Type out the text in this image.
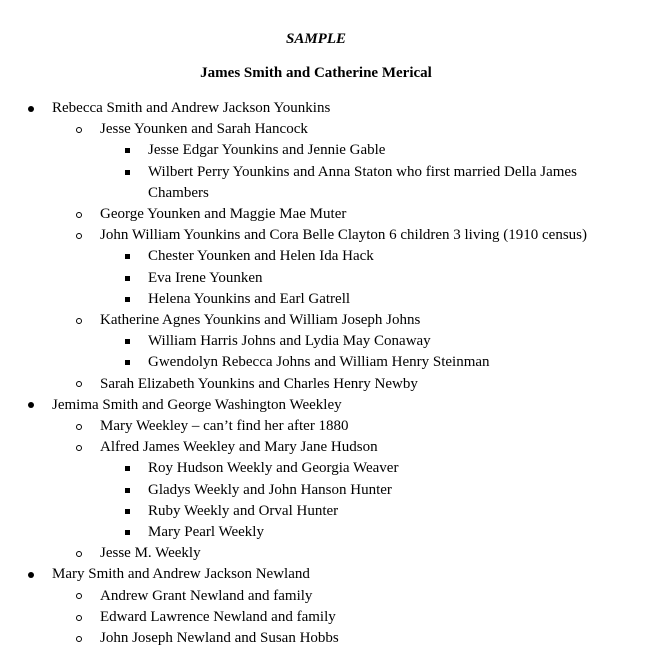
SAMPLE
James Smith and Catherine Merical
Rebecca Smith and Andrew Jackson Younkins
Jesse Younken and Sarah Hancock
Jesse Edgar Younkins and Jennie Gable
Wilbert Perry Younkins and Anna Staton who first married Della James Chambers
George Younken and Maggie Mae Muter
John William Younkins and Cora Belle Clayton 6 children 3 living (1910 census)
Chester Younken and Helen Ida Hack
Eva Irene Younken
Helena Younkins and Earl Gatrell
Katherine Agnes Younkins and William Joseph Johns
William Harris Johns and Lydia May Conaway
Gwendolyn Rebecca Johns and William Henry Steinman
Sarah Elizabeth Younkins and Charles Henry Newby
Jemima Smith and George Washington Weekley
Mary Weekley – can’t find her after 1880
Alfred James Weekley and Mary Jane Hudson
Roy Hudson Weekly and Georgia Weaver
Gladys Weekly and John Hanson Hunter
Ruby Weekly and Orval Hunter
Mary Pearl Weekly
Jesse M. Weekly
Mary Smith and Andrew Jackson Newland
Andrew Grant Newland and family
Edward Lawrence Newland and family
John Joseph Newland and Susan Hobbs
